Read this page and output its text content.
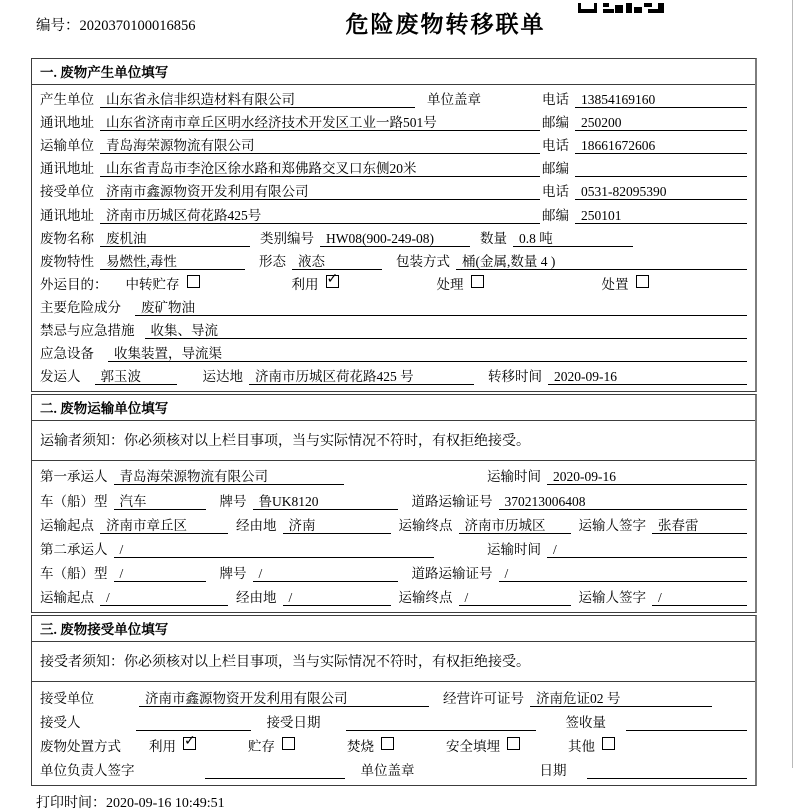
编号：2020370100016856	危险废物转移联单
一. 废物产生单位填写
产生单位 山东省永信非织造材料有限公司	单位盖章	电话 13854169160
通讯地址 山东省济南市章丘区明水经济技术开发区工业一路501号	邮编 250200
运输单位 青岛海荣源物流有限公司	电话 18661672606
通讯地址 山东省青岛市李沧区徐水路和郑佛路交叉口东侧20米	邮编
接受单位 济南市鑫源物资开发利用有限公司	电话 0531-82095390
通讯地址 济南市历城区荷花路425号	邮编 250101
废物名称 废机油	类别编号 HW08(900-249-08)	数量 0.8 吨
废物特性 易燃性,毒性	形态 液态	包装方式 桶(金属,数量 4 )
外运目的： 中转贮存	利用 ✓	处理	处置
主要危险成分	废矿物油
禁忌与应急措施	收集、导流
应急设备	收集装置，导流渠
发运人	郭玉波	运达地 济南市历城区荷花路425 号	转移时间 2020-09-16
二. 废物运输单位填写
运输者须知：你必须核对以上栏目事项，当与实际情况不符时，有权拒绝接受。
第一承运人 青岛海荣源物流有限公司	运输时间 2020-09-16
车（船）型 汽车	牌号 鲁UK8120	道路运输证号 370213006408
运输起点 济南市章丘区	经由地 济南	运输终点 济南市历城区	运输人签字 张春雷
第二承运人 /	运输时间 /
车（船）型 /	牌号 /	道路运输证号 /
运输起点 /	经由地 /	运输终点 /	运输人签字 /
三. 废物接受单位填写
接受者须知：你必须核对以上栏目事项，当与实际情况不符时，有权拒绝接受。
接受单位	济南市鑫源物资开发利用有限公司	经营许可证号 济南危证02 号
接受人	接受日期	签收量
废物处置方式 利用 ✓	贮存	焚烧	安全填埋	其他
单位负责人签字	单位盖章	日期
打印时间：2020-09-16 10:49:51
